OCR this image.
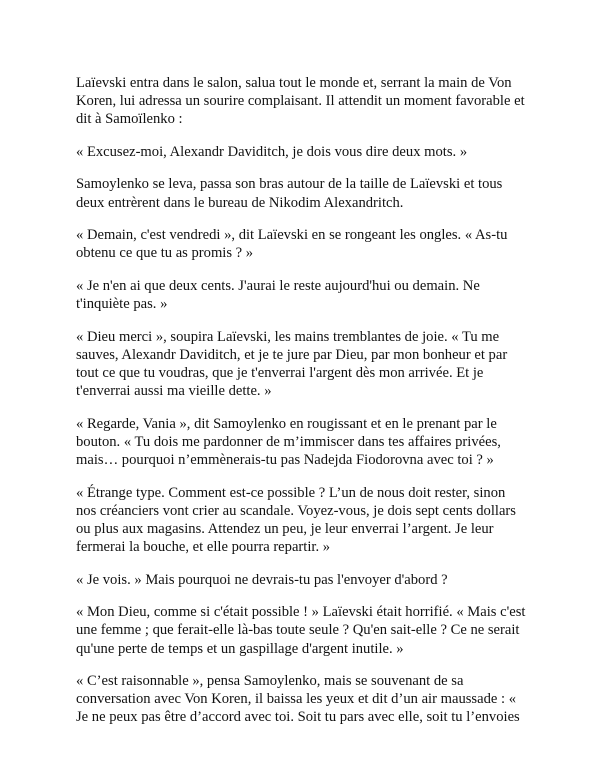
Laïevski entra dans le salon, salua tout le monde et, serrant la main de Von Koren, lui adressa un sourire complaisant. Il attendit un moment favorable et dit à Samoïlenko :

« Excusez-moi, Alexandr Daviditch, je dois vous dire deux mots. »

Samoylenko se leva, passa son bras autour de la taille de Laïevski et tous deux entrèrent dans le bureau de Nikodim Alexandritch.

« Demain, c'est vendredi », dit Laïevski en se rongeant les ongles. « As-tu obtenu ce que tu as promis ? »

« Je n'en ai que deux cents. J'aurai le reste aujourd'hui ou demain. Ne t'inquiète pas. »

« Dieu merci », soupira Laïevski, les mains tremblantes de joie. « Tu me sauves, Alexandr Daviditch, et je te jure par Dieu, par mon bonheur et par tout ce que tu voudras, que je t'enverrai l'argent dès mon arrivée. Et je t'enverrai aussi ma vieille dette. »

« Regarde, Vania », dit Samoylenko en rougissant et en le prenant par le bouton. « Tu dois me pardonner de m’immiscer dans tes affaires privées, mais… pourquoi n’emmènerais-tu pas Nadejda Fiodorovna avec toi ? »

« Étrange type. Comment est-ce possible ? L’un de nous doit rester, sinon nos créanciers vont crier au scandale. Voyez-vous, je dois sept cents dollars ou plus aux magasins. Attendez un peu, je leur enverrai l’argent. Je leur fermerai la bouche, et elle pourra repartir. »

« Je vois. » Mais pourquoi ne devrais-tu pas l'envoyer d'abord ?

« Mon Dieu, comme si c'était possible ! » Laïevski était horrifié. « Mais c'est une femme ; que ferait-elle là-bas toute seule ? Qu'en sait-elle ? Ce ne serait qu'une perte de temps et un gaspillage d'argent inutile. »

« C’est raisonnable », pensa Samoylenko, mais se souvenant de sa conversation avec Von Koren, il baissa les yeux et dit d’un air maussade : « Je ne peux pas être d’accord avec toi. Soit tu pars avec elle, soit tu l’envoies
